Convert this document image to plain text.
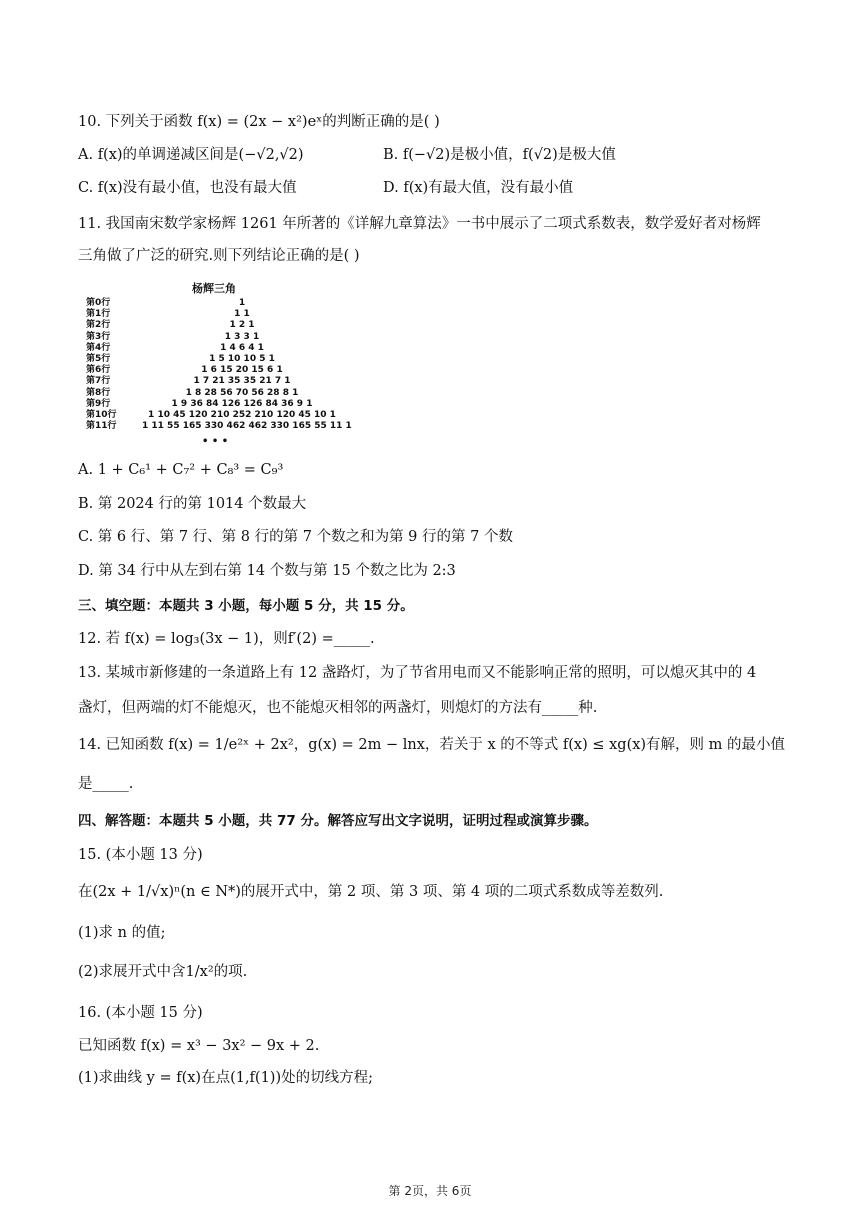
10. 下列关于函数 f(x) = (2x − x²)eˣ的判断正确的是( )
A. f(x)的单调递减区间是(−√2,√2)	B. f(−√2)是极小值，f(√2)是极大值
C. f(x)没有最小值，也没有最大值	D. f(x)有最大值，没有最小值
11. 我国南宋数学家杨辉 1261 年所著的《详解九章算法》一书中展示了二项式系数表，数学爱好者对杨辉
三角做了广泛的研究.则下列结论正确的是( )
杨辉三角
第0行	1
第1行	1 1
第2行	1 2 1
第3行	1 3 3 1
第4行	1 4 6 4 1
第5行	1 5 10 10 5 1
第6行	1 6 15 20 15 6 1
第7行	1 7 21 35 35 21 7 1
第8行	1 8 28 56 70 56 28 8 1
第9行	1 9 36 84 126 126 84 36 9 1
第10行	1 10 45 120 210 252 210 120 45 10 1
第11行	1 11 55 165 330 462 462 330 165 55 11 1
• • •
A. 1 + C₆¹ + C₇² + C₈³ = C₉³
B. 第 2024 行的第 1014 个数最大
C. 第 6 行、第 7 行、第 8 行的第 7 个数之和为第 9 行的第 7 个数
D. 第 34 行中从左到右第 14 个数与第 15 个数之比为 2:3
三、填空题：本题共 3 小题，每小题 5 分，共 15 分。
12. 若 f(x) = log₃(3x − 1)，则f′(2) =_____.
13. 某城市新修建的一条道路上有 12 盏路灯，为了节省用电而又不能影响正常的照明，可以熄灭其中的 4
盏灯，但两端的灯不能熄灭，也不能熄灭相邻的两盏灯，则熄灯的方法有_____种.
14. 已知函数 f(x) = 1/e²ˣ + 2x²，g(x) = 2m − lnx，若关于 x 的不等式 f(x) ≤ xg(x)有解，则 m 的最小值
是_____.
四、解答题：本题共 5 小题，共 77 分。解答应写出文字说明，证明过程或演算步骤。
15. (本小题 13 分)
在(2x + 1/√x)ⁿ(n ∈ N*)的展开式中，第 2 项、第 3 项、第 4 项的二项式系数成等差数列.
(1)求 n 的值;
(2)求展开式中含1/x²的项.
16. (本小题 15 分)
已知函数 f(x) = x³ − 3x² − 9x + 2.
(1)求曲线 y = f(x)在点(1,f(1))处的切线方程;
第 2页，共 6页
